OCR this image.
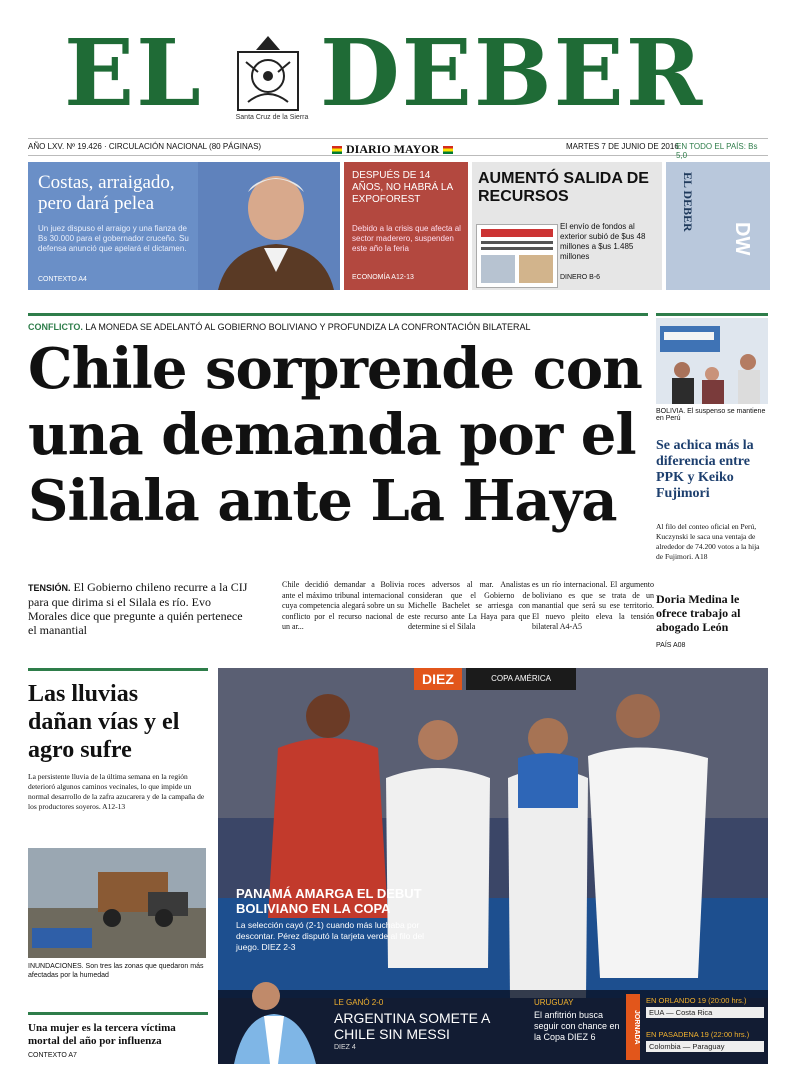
EL	Santa Cruz de la Sierra DEBER
AÑO LXV. Nº 19.426 · CIRCULACIÓN NACIONAL (80 PÁGINAS)	DIARIO MAYOR	MARTES 7 DE JUNIO DE 2016
EN TODO EL PAÍS: Bs 5,0
Costas, arraigado, pero dará pelea
Un juez dispuso el arraigo y una fianza de Bs 30.000 para el gobernador cruceño. Su defensa anunció que apelará el dictamen.
CONTEXTO A4
DESPUÉS DE 14 AÑOS, NO HABRÁ LA EXPOFOREST
Debido a la crisis que afecta al sector maderero, suspenden este año la feria
ECONOMÍA A12-13
AUMENTÓ SALIDA DE RECURSOS
El envío de fondos al exterior subió de $us 48 millones a $us 1.485 millones
DINERO B-6
EL DEBER
DW
CONFLICTO. LA MONEDA SE ADELANTÓ AL GOBIERNO BOLIVIANO Y PROFUNDIZA LA CONFRONTACIÓN BILATERAL
Chile sorprende con una demanda por el Silala ante La Haya
TENSIÓN. El Gobierno chileno recurre a la CIJ para que dirima si el Silala es río. Evo Morales dice que pregunte a quién pertenece el manantial
Chile decidió demandar a Bolivia ante el máximo tribunal internacional cuya competencia alegará sobre un su conflicto por el recurso nacional de un ar...
roces adversos al mar. Analistas consideran que el Gobierno de Michelle Bachelet se arriesga con este recurso ante La Haya para que determine si el Silala
es un río internacional. El argumento boliviano es que se trata de un manantial que será su ese territorio. El nuevo pleito eleva la tensión bilateral A4-A5
BOLIVIA. El suspenso se mantiene en Perú
Se achica más la diferencia entre PPK y Keiko Fujimori
Al filo del conteo oficial en Perú, Kuczynski le saca una ventaja de alrededor de 74.200 votos a la hija de Fujimori. A18
Doria Medina le ofrece trabajo al abogado León
PAÍS A08
Las lluvias dañan vías y el agro sufre
La persistente lluvia de la última semana en la región deterioró algunos caminos vecinales, lo que impide un normal desarrollo de la zafra azucarera y de la campaña de los productores soyeros. A12-13
INUNDACIONES. Son tres las zonas que quedaron más afectadas por la humedad
Una mujer es la tercera víctima mortal del año por influenza
CONTEXTO A7
DIEZ	COPA AMÉRICA
PANAMÁ AMARGA EL DEBUT BOLIVIANO EN LA COPA
La selección cayó (2-1) cuando más luchaba por descontar. Pérez disputó la tarjeta verde al filo del juego. DIEZ 2-3
LE GANÓ 2-0
ARGENTINA SOMETE A CHILE SIN MESSI
DIEZ 4
URUGUAY
El anfitrión busca seguir con chance en la Copa DIEZ 6	JORNADA
EN ORLANDO 19 (20:00 hrs.)
EUA — Costa Rica
EN PASADENA 19 (22:00 hrs.)
Colombia — Paraguay
